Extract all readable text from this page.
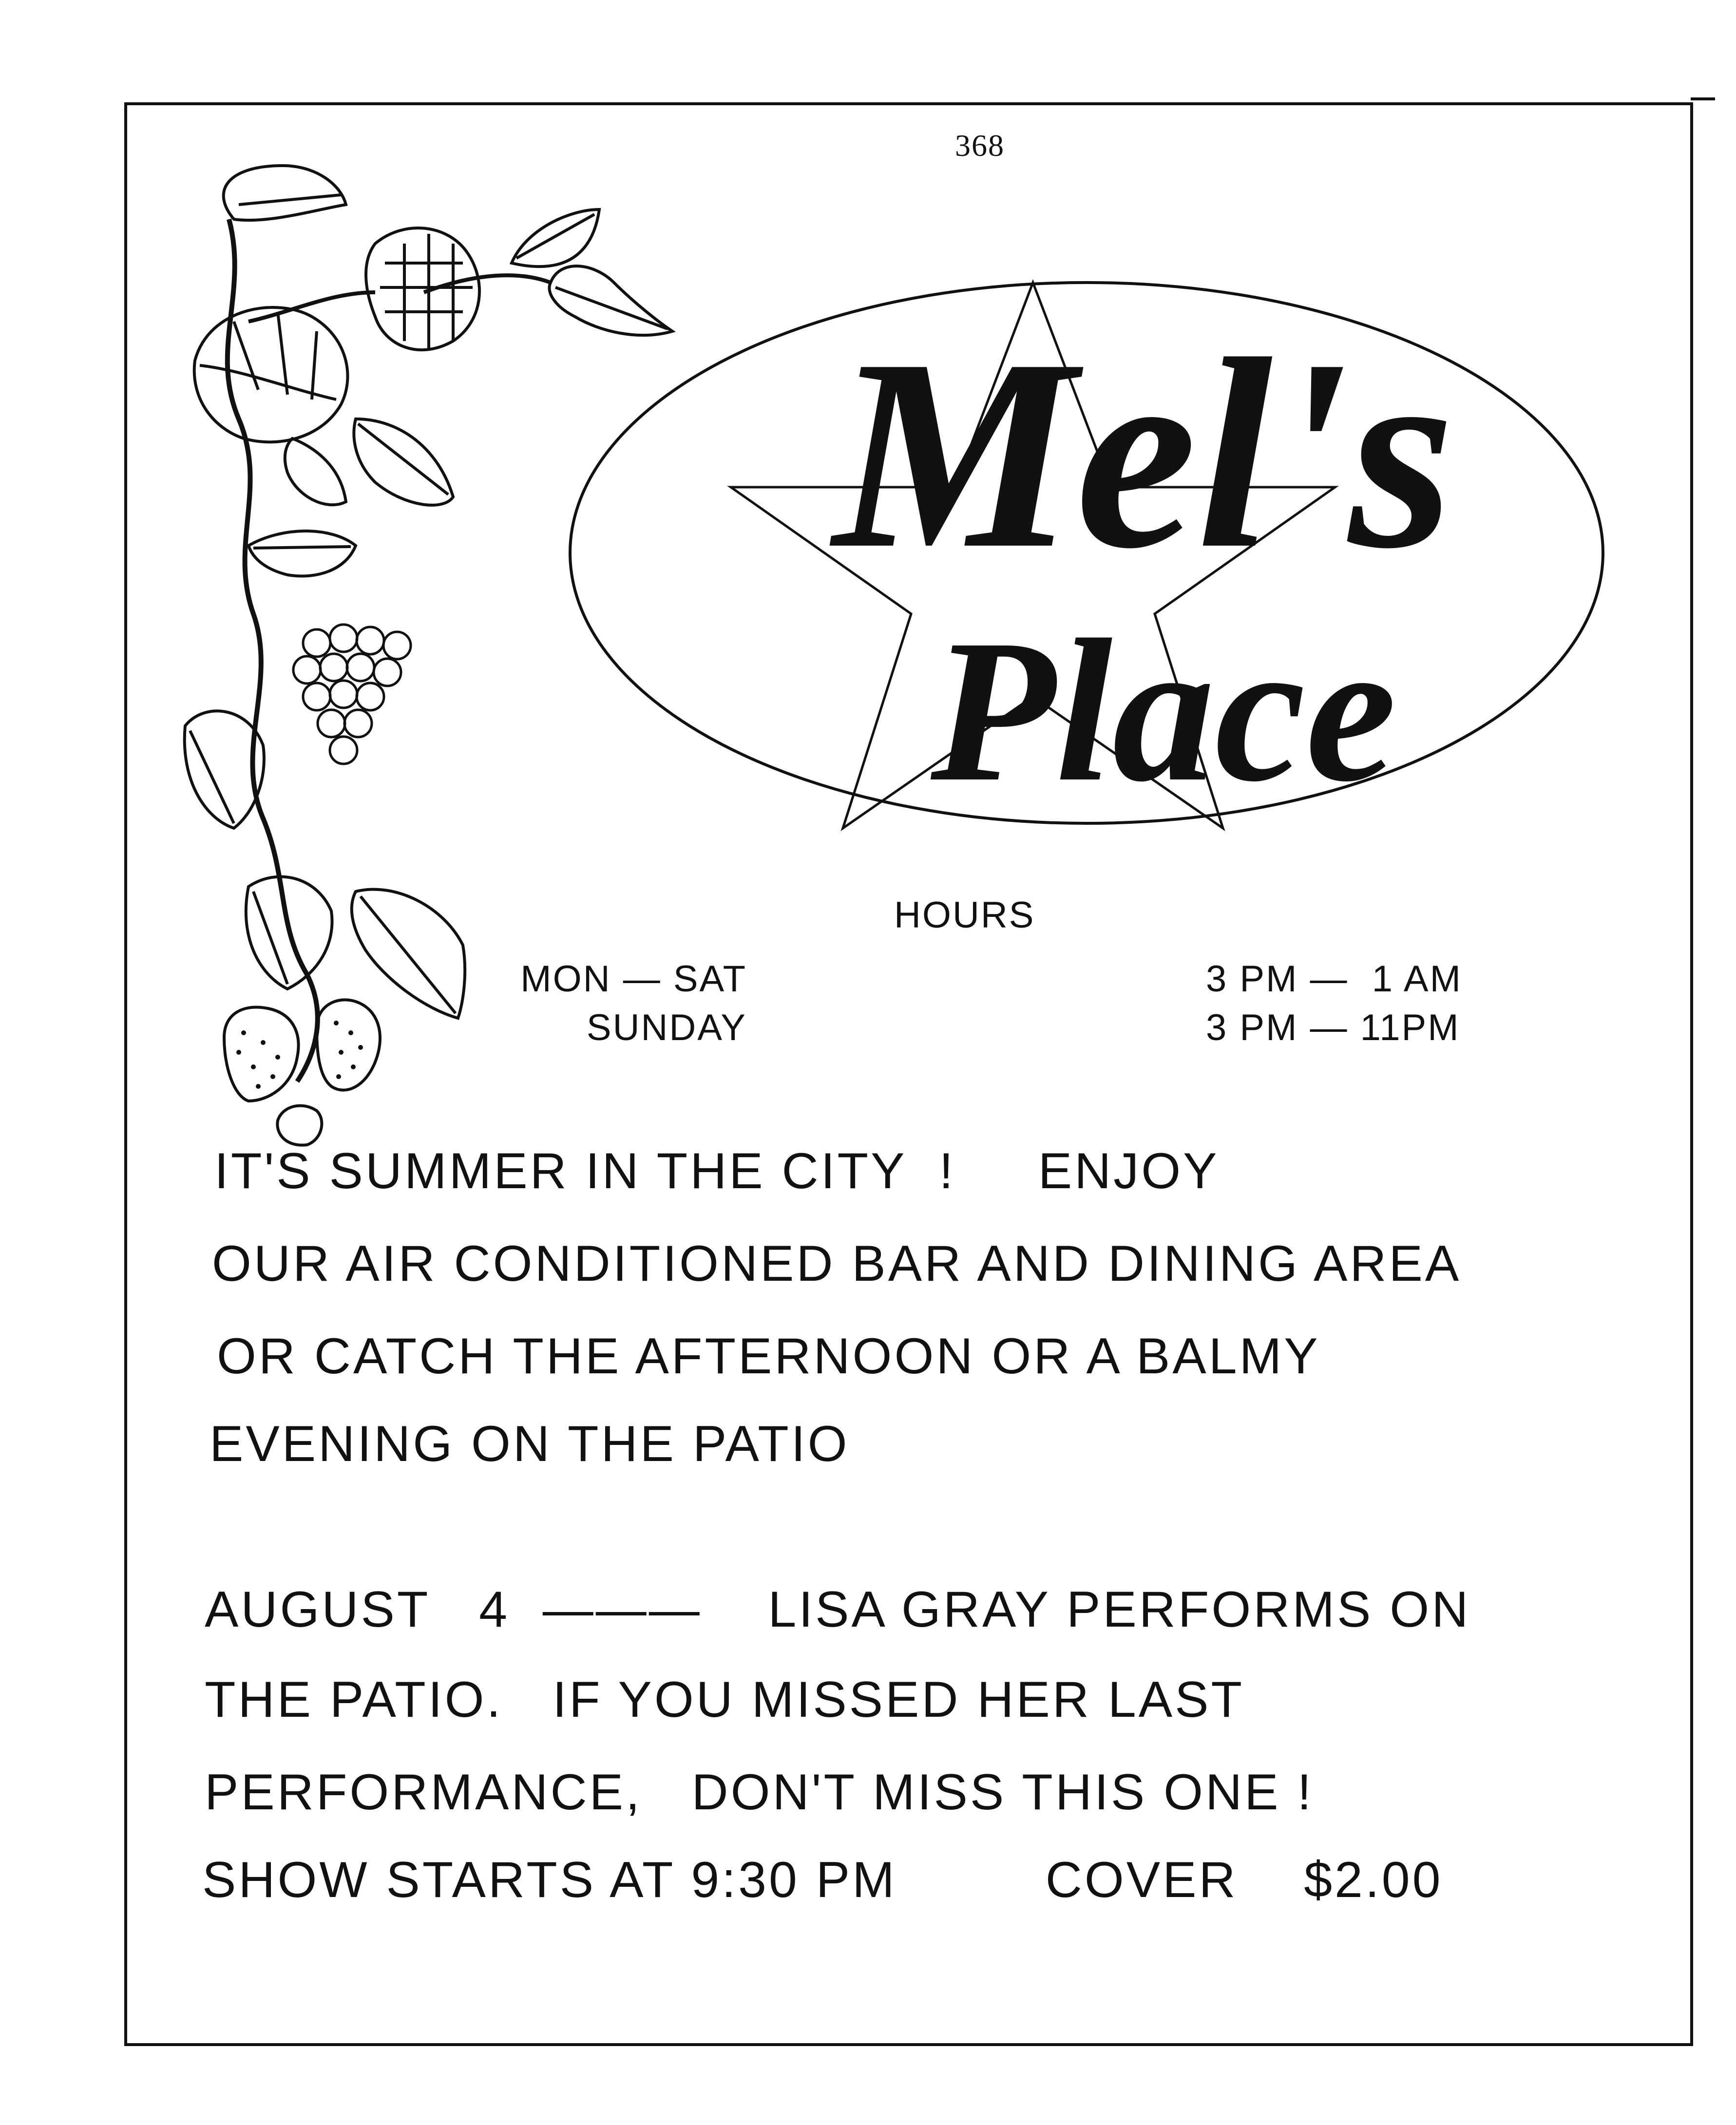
368
Mel's
Place
HOURS
MON — SAT
SUNDAY
3 PM —  1 AM
3 PM — 11PM
IT'S SUMMER IN THE CITY  !     ENJOY
OUR AIR CONDITIONED BAR AND DINING AREA
OR CATCH THE AFTERNOON OR A BALMY
EVENING ON THE PATIO
AUGUST   4  ———    LISA GRAY PERFORMS ON
THE PATIO.   IF YOU MISSED HER LAST
PERFORMANCE,   DON'T MISS THIS ONE !
SHOW STARTS AT 9:30 PM         COVER    $2.00
